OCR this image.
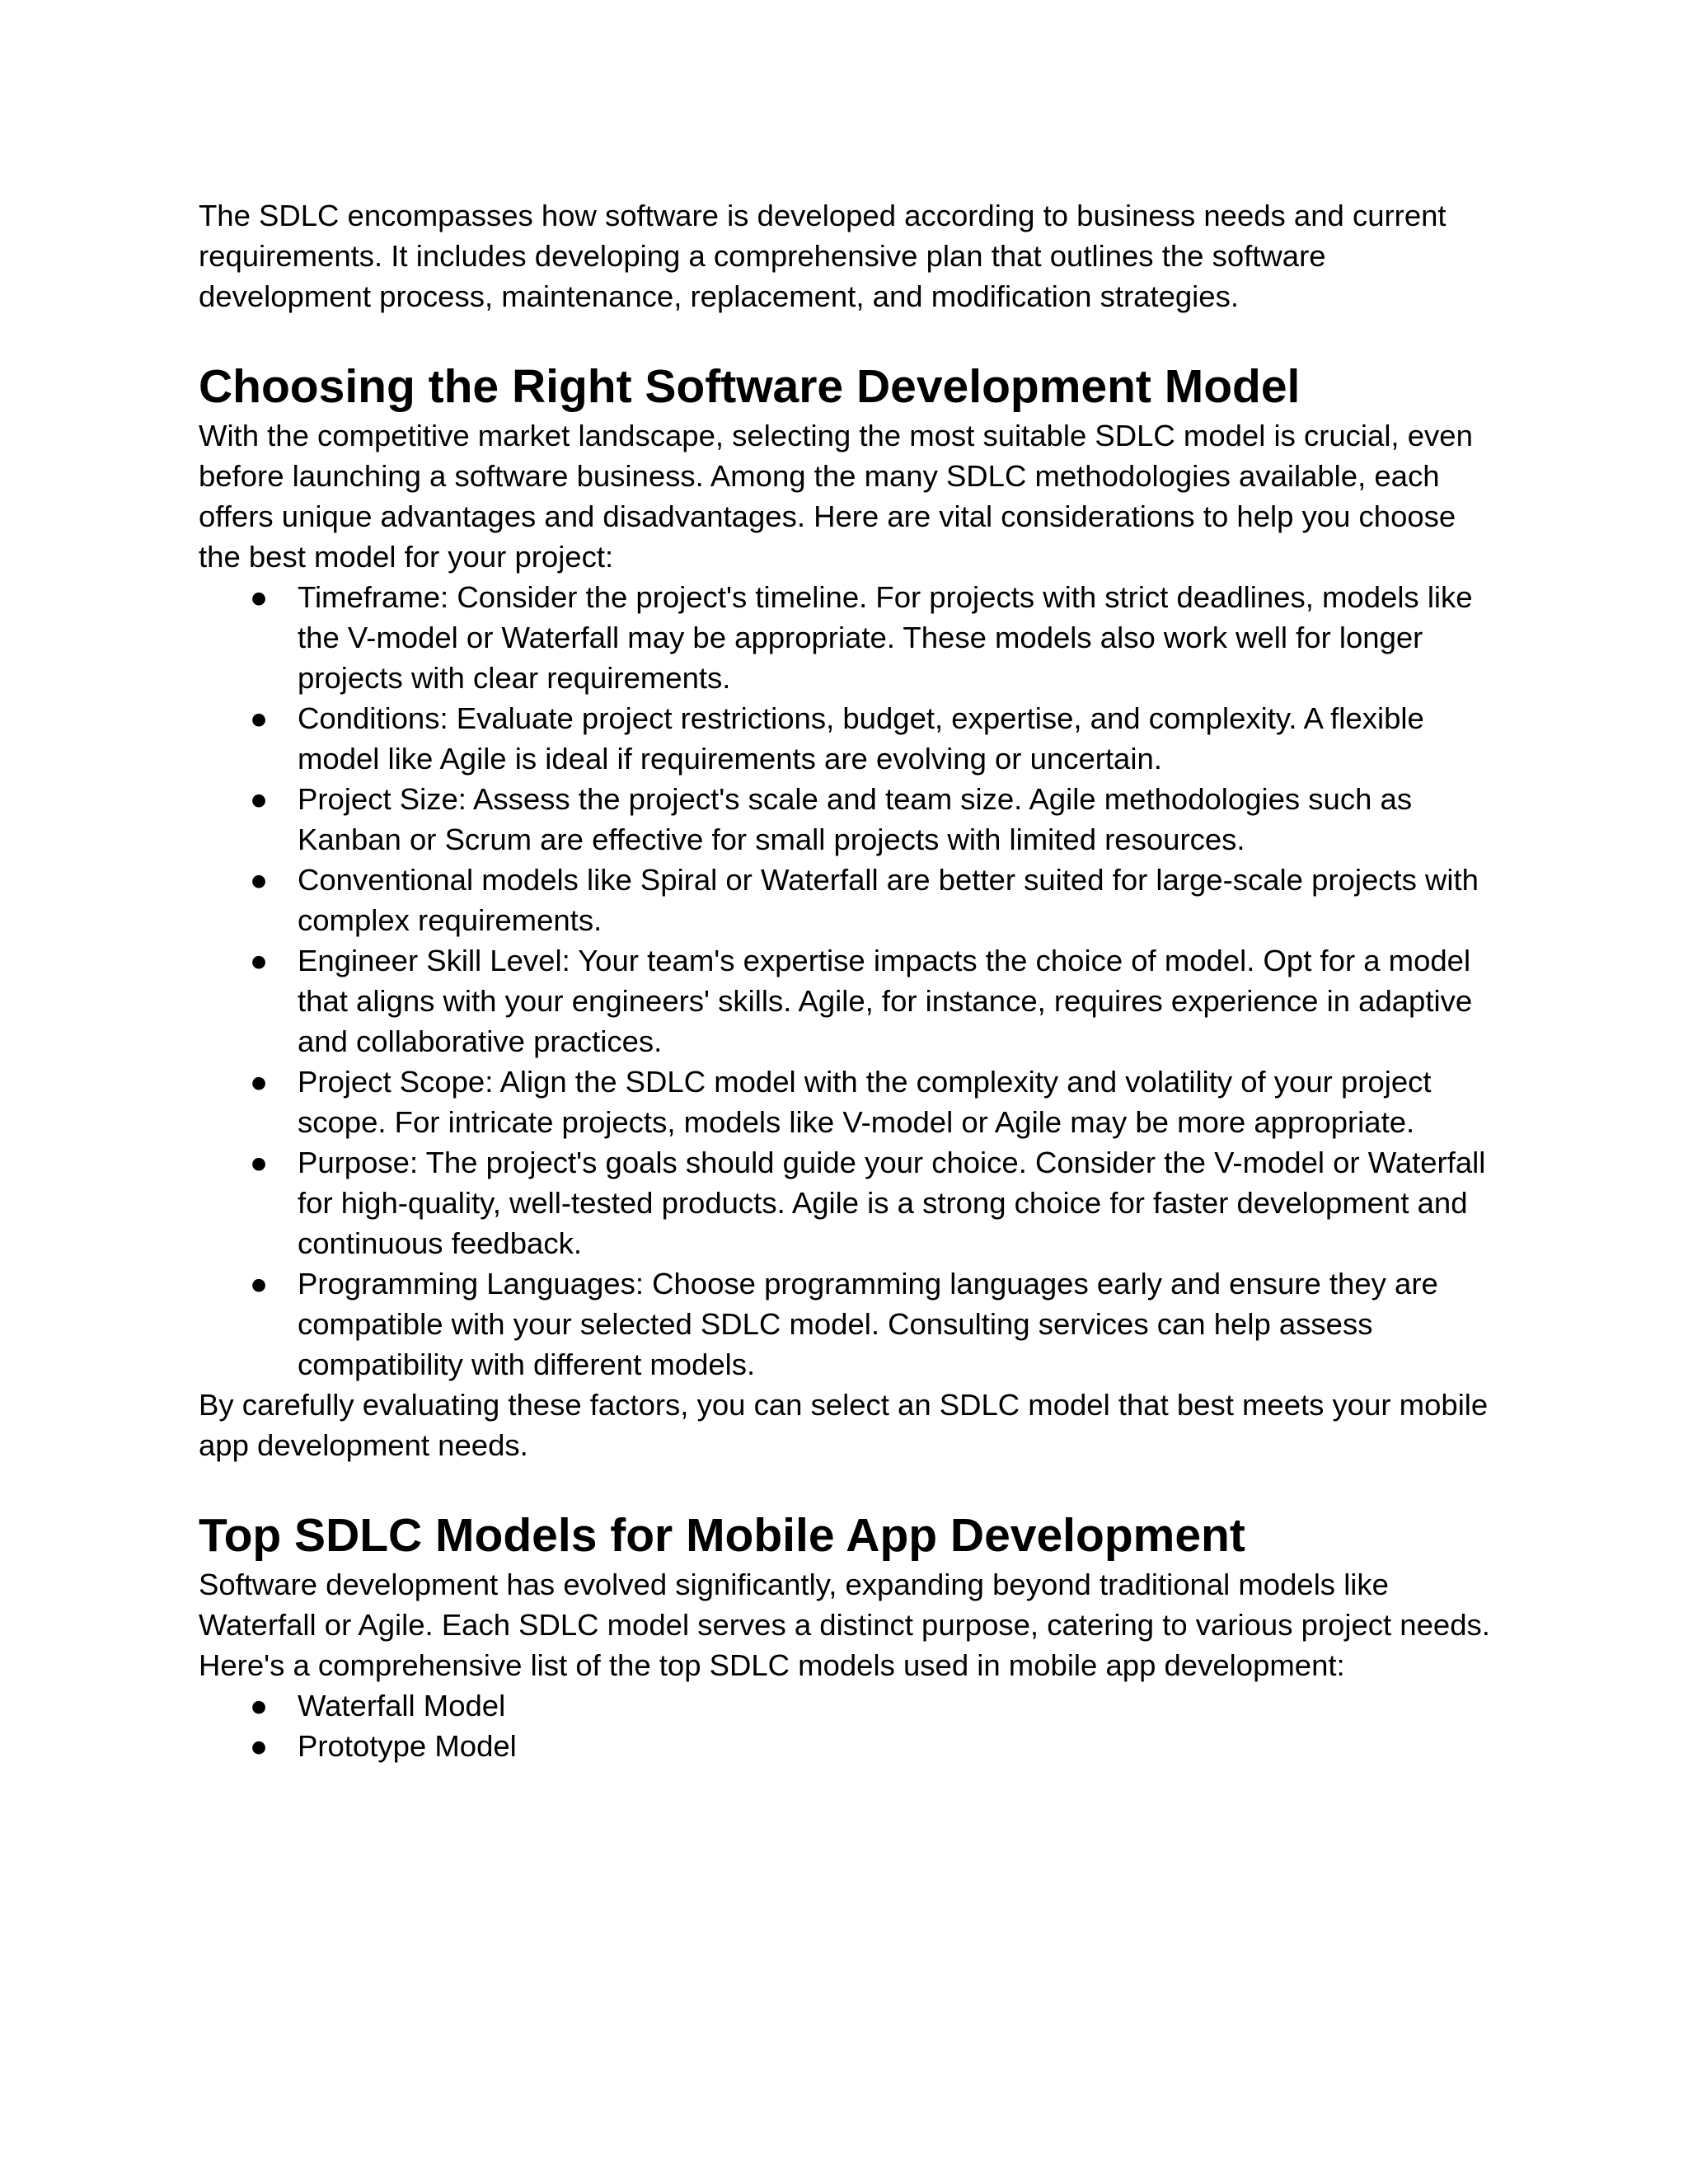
The SDLC encompasses how software is developed according to business needs and current requirements. It includes developing a comprehensive plan that outlines the software development process, maintenance, replacement, and modification strategies.

Choosing the Right Software Development Model

With the competitive market landscape, selecting the most suitable SDLC model is crucial, even before launching a software business. Among the many SDLC methodologies available, each offers unique advantages and disadvantages. Here are vital considerations to help you choose the best model for your project:

● Timeframe: Consider the project's timeline. For projects with strict deadlines, models like the V-model or Waterfall may be appropriate. These models also work well for longer projects with clear requirements.
● Conditions: Evaluate project restrictions, budget, expertise, and complexity. A flexible model like Agile is ideal if requirements are evolving or uncertain.
● Project Size: Assess the project's scale and team size. Agile methodologies such as Kanban or Scrum are effective for small projects with limited resources.
● Conventional models like Spiral or Waterfall are better suited for large-scale projects with complex requirements.
● Engineer Skill Level: Your team's expertise impacts the choice of model. Opt for a model that aligns with your engineers' skills. Agile, for instance, requires experience in adaptive and collaborative practices.
● Project Scope: Align the SDLC model with the complexity and volatility of your project scope. For intricate projects, models like V-model or Agile may be more appropriate.
● Purpose: The project's goals should guide your choice. Consider the V-model or Waterfall for high-quality, well-tested products. Agile is a strong choice for faster development and continuous feedback.
● Programming Languages: Choose programming languages early and ensure they are compatible with your selected SDLC model. Consulting services can help assess compatibility with different models.

By carefully evaluating these factors, you can select an SDLC model that best meets your mobile app development needs.

Top SDLC Models for Mobile App Development

Software development has evolved significantly, expanding beyond traditional models like Waterfall or Agile. Each SDLC model serves a distinct purpose, catering to various project needs. Here's a comprehensive list of the top SDLC models used in mobile app development:

● Waterfall Model
● Prototype Model
